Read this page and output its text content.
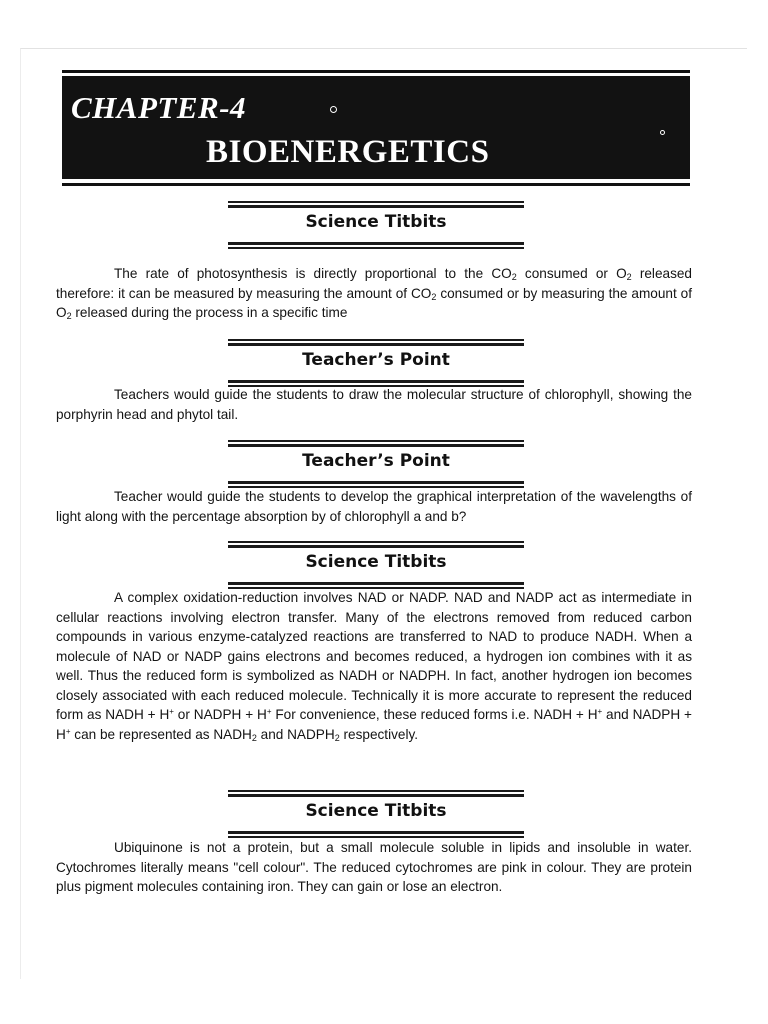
CHAPTER-4
BIOENERGETICS
Science Titbits

The rate of photosynthesis is directly proportional to the $CO_2$ consumed or $O_2$ released therefore: it can be measured by measuring the amount of $CO_2$ consumed or by measuring the amount of $O_2$ released during the process in a specific time

Teacher’s Point

Teachers would guide the students to draw the molecular structure of chlorophyll, showing the porphyrin head and phytol tail.

Teacher’s Point

Teacher would guide the students to develop the graphical interpretation of the wavelengths of light along with the percentage absorption by of chlorophyll a and b?

Science Titbits

A complex oxidation-reduction involves NAD or NADP. NAD and NADP act as intermediate in cellular reactions involving electron transfer. Many of the electrons removed from reduced carbon compounds in various enzyme-catalyzed reactions are transferred to NAD to produce NADH. When a molecule of NAD or NADP gains electrons and becomes reduced, a hydrogen ion combines with it as well. Thus the reduced form is symbolized as NADH or NADPH. In fact, another hydrogen ion becomes closely associated with each reduced molecule. Technically it is more accurate to represent the reduced form as NADH + H+ or NADPH + H+ For convenience, these reduced forms i.e. NADH + H+ and NADPH + H+ can be represented as $NADH_2$ and $NADPH_2$ respectively.

Science Titbits

Ubiquinone is not a protein, but a small molecule soluble in lipids and insoluble in water. Cytochromes literally means "cell colour". The reduced cytochromes are pink in colour. They are protein plus pigment molecules containing iron. They can gain or lose an electron.
